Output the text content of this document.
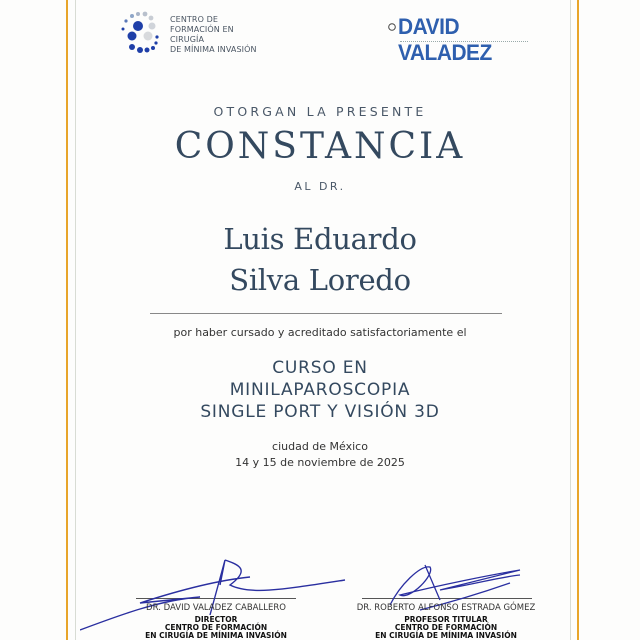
CENTRO DE
FORMACIÓN EN CIRUGÍA
DE MÍNIMA INVASIÓN
DAVID VALADEZ
OTORGAN LA PRESENTE
CONSTANCIA
AL DR.
Luis Eduardo
Silva Loredo
por haber cursado y acreditado satisfactoriamente el
CURSO EN
MINILAPAROSCOPIA
SINGLE PORT Y VISIÓN 3D
ciudad de México
14 y 15 de noviembre de 2025
DR. DAVID VALADEZ CABALLERO
DIRECTOR
CENTRO DE FORMACIÓN
EN CIRUGÍA DE MÍNIMA INVASIÓN
DR. ROBERTO ALFONSO ESTRADA GÓMEZ
PROFESOR TITULAR
CENTRO DE FORMACIÓN
EN CIRUGÍA DE MÍNIMA INVASIÓN
